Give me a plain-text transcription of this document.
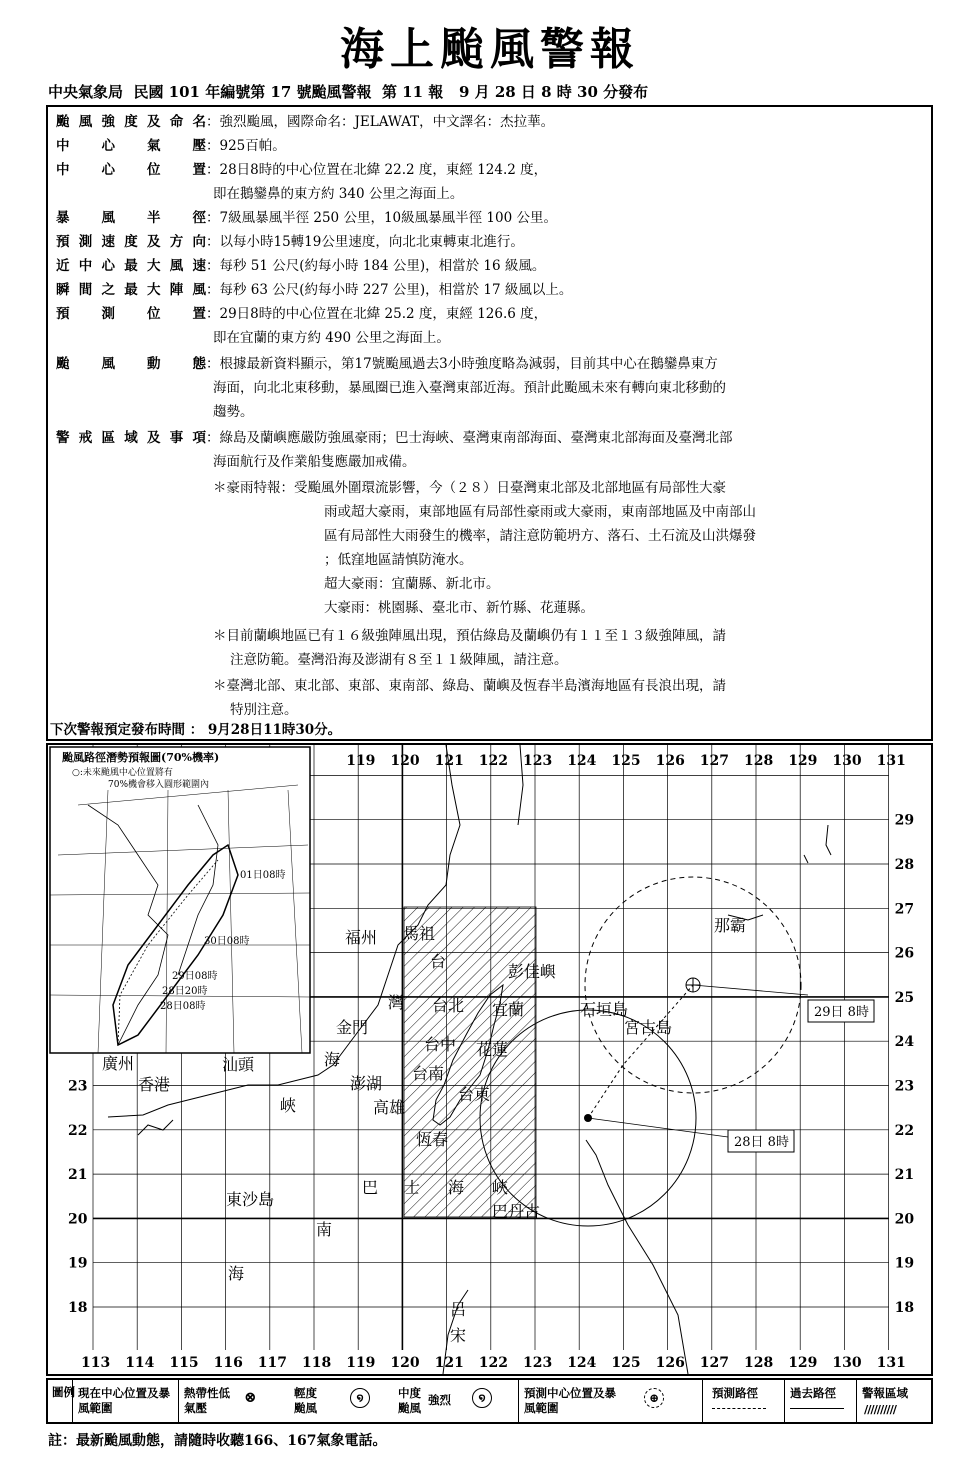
海上颱風警報
中央氣象局  民國 101 年編號第 17 號颱風警報  第 11 報   9 月 28 日 8 時 30 分發布
颱風強度及命名 ：強烈颱風，國際命名：JELAWAT，中文譯名：杰拉華。
中心氣壓 ：925百帕。
中心位置 ：28日8時的中心位置在北緯 22.2 度，東經 124.2 度，
即在鵝鑾鼻的東方約 340 公里之海面上。
暴風半徑 ：7級風暴風半徑 250 公里，10級風暴風半徑 100 公里。
預測速度及方向 ：以每小時15轉19公里速度，向北北東轉東北進行。
近中心最大風速 ：每秒 51 公尺(約每小時 184 公里)，相當於 16 級風。
瞬間之最大陣風 ：每秒 63 公尺(約每小時 227 公里)，相當於 17 級風以上。
預測位置 ：29日8時的中心位置在北緯 25.2 度，東經 126.6 度，
即在宜蘭的東方約 490 公里之海面上。
颱風動態 ：根據最新資料顯示，第17號颱風過去3小時強度略為減弱，目前其中心在鵝鑾鼻東方
海面，向北北東移動，暴風圈已進入臺灣東部近海。預計此颱風未來有轉向東北移動的
趨勢。
警戒區域及事項 ：綠島及蘭嶼應嚴防強風豪雨；巴士海峽、臺灣東南部海面、臺灣東北部海面及臺灣北部
海面航行及作業船隻應嚴加戒備。
＊豪雨特報：受颱風外圍環流影響，今（２８）日臺灣東北部及北部地區有局部性大豪
雨或超大豪雨，東部地區有局部性豪雨或大豪雨，東南部地區及中南部山
區有局部性大雨發生的機率，請注意防範坍方、落石、土石流及山洪爆發
；低窪地區請慎防淹水。
超大豪雨：宜蘭縣、新北市。
大豪雨：桃園縣、臺北市、新竹縣、花蓮縣。
＊目前蘭嶼地區已有１６級強陣風出現，預估綠島及蘭嶼仍有１１至１３級強陣風，請
注意防範。臺灣沿海及澎湖有８至１１級陣風，請注意。
＊臺灣北部、東北部、東部、東南部、綠島、蘭嶼及恆春半島濱海地區有長浪出現，請
特別注意。
下次警報預定發布時間 ： 9月28日11時30分。
28日 8時
29日 8時
113 114 115 116 117 118
119
119
120
120
121
121
122
122
123
123
124
124
125
125
126
126
127
127
128
128
129
129
130
130
131
131
18
18
19
19
20
20
21
21
22
22
23
23
24
25
26
27
28
29
福州 馬祖
台
彭佳嶼
灣 台北 宜蘭	石垣島
宮古島
那霸
金門
海
台中 花蓮
澎湖
台南
高雄
台東
恆春
廣州
香港
汕頭
峽
東沙島
南
海
巴 士 海 峽
巴丹古
呂
宋
颱風路徑潛勢預報圖(70%機率)
○:未來颱風中心位置將有
70%機會移入圓形範圍內
01日08時
30日08時
29日08時
28日20時
28日08時
圖例 現在中心位置及暴風範圍
熱帶性低氣壓
⊗	輕度颱風
໑	中度颱風
強烈	໑	預測中心位置及暴風範圍
⊕	預測路徑	過去路徑 警報區域
//////////
註：最新颱風動態，請隨時收聽166、167氣象電話。
